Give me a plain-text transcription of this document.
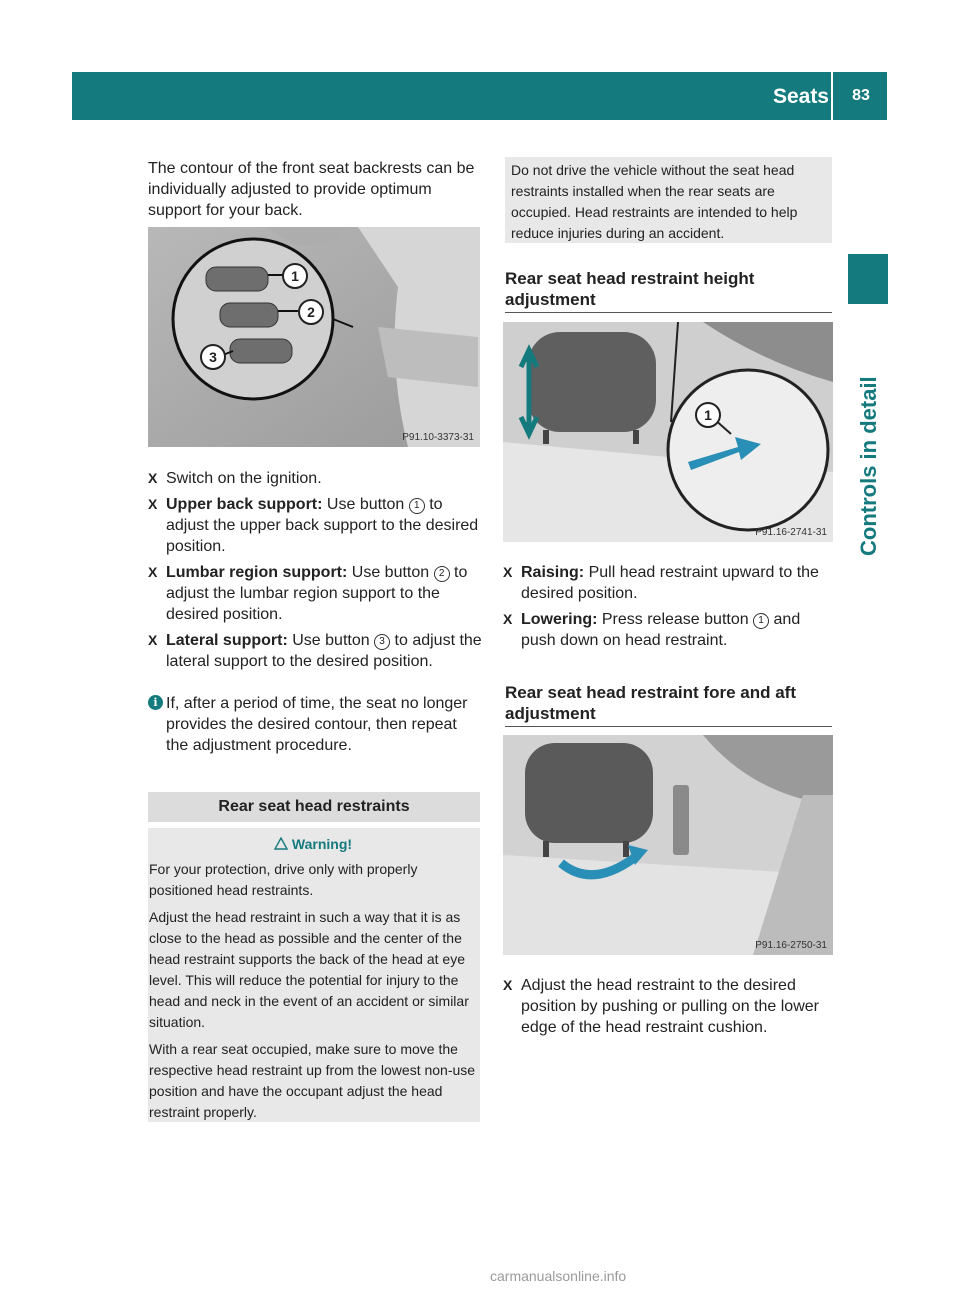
Seats	83
Controls in detail
The contour of the front seat backrests can be individually adjusted to provide optimum support for your back.
1
2
3
P91.10-3373-31
X Switch on the ignition.
X Upper back support: Use button 1 to adjust the upper back support to the desired position.
X Lumbar region support: Use button 2 to adjust the lumbar region support to the desired position.
X Lateral support: Use button 3 to adjust the lateral support to the desired position.
i If, after a period of time, the seat no longer provides the desired contour, then repeat the adjustment procedure.
Rear seat head restraints

Warning!

For your protection, drive only with properly positioned head restraints.

Adjust the head restraint in such a way that it is as close to the head as possible and the center of the head restraint supports the back of the head at eye level. This will reduce the potential for injury to the head and neck in the event of an accident or similar situation.

With a rear seat occupied, make sure to move the respective head restraint up from the lowest non-use position and have the occupant adjust the head restraint properly.

Do not drive the vehicle without the seat head restraints installed when the rear seats are occupied. Head restraints are intended to help reduce injuries during an accident.
Rear seat head restraint height adjustment
1
P91.16-2741-31
X Raising: Pull head restraint upward to the desired position.
X Lowering: Press release button 1 and push down on head restraint.
Rear seat head restraint fore and aft adjustment
P91.16-2750-31
X Adjust the head restraint to the desired position by pushing or pulling on the lower edge of the head restraint cushion.
carmanualsonline.info
